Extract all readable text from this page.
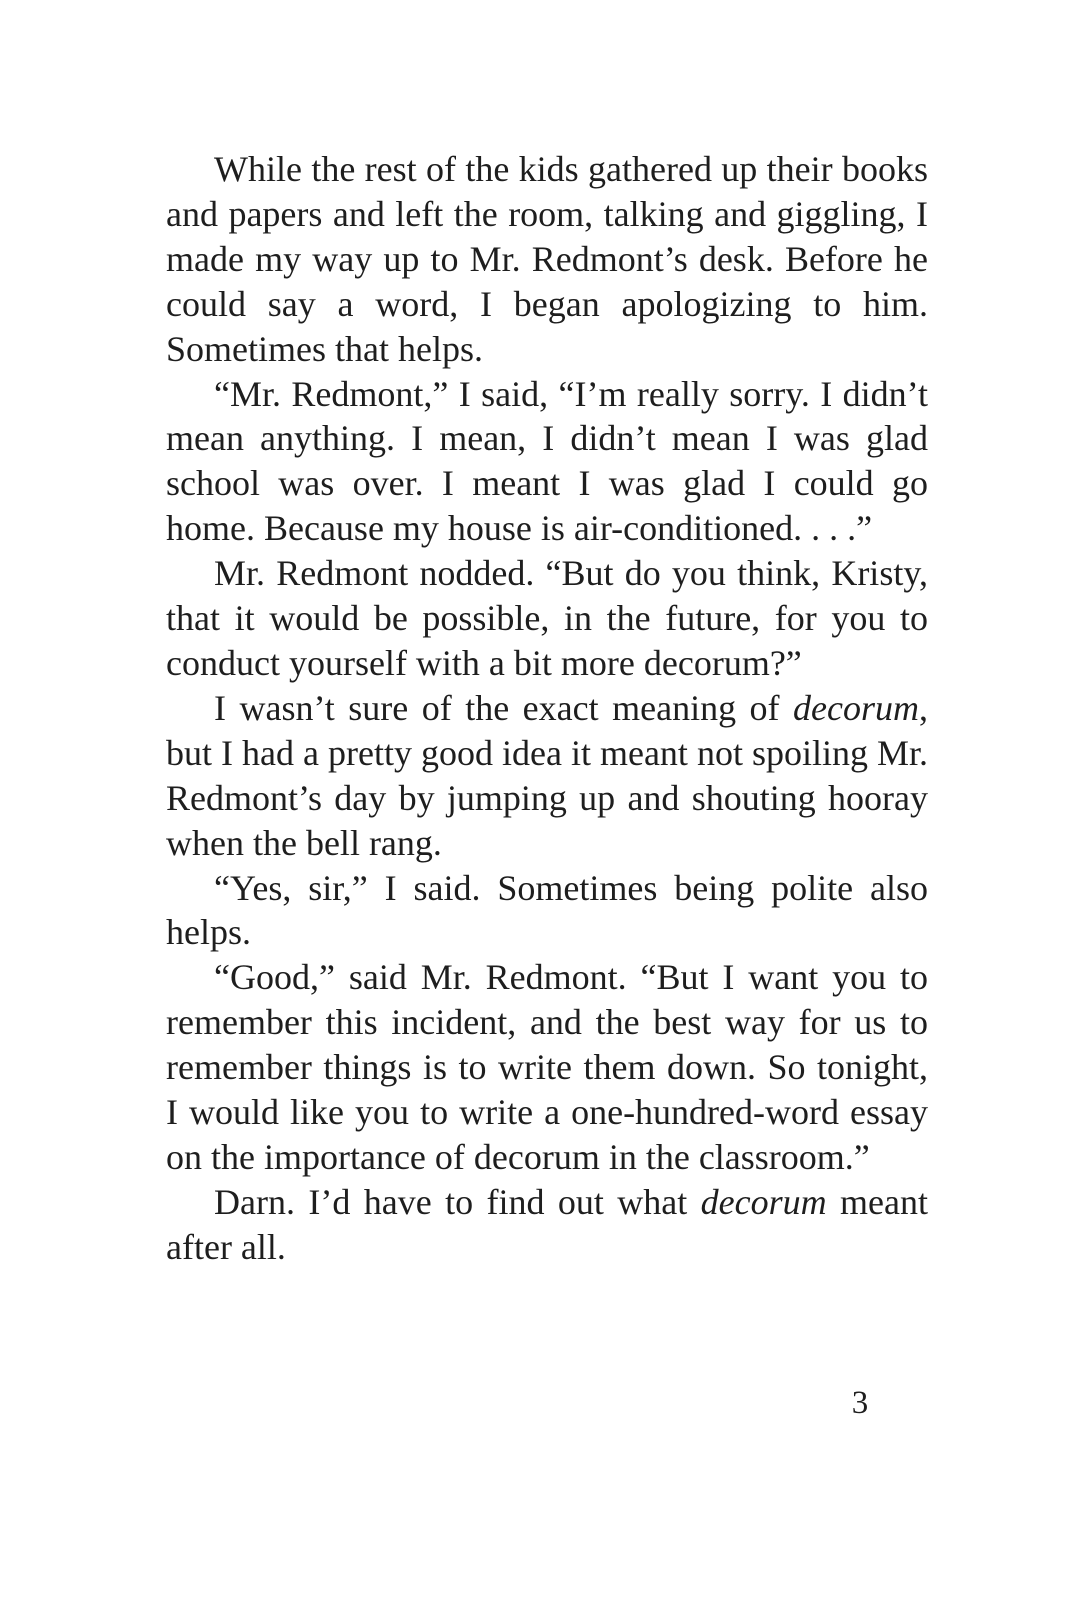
While the rest of the kids gathered up their books and papers and left the room, talking and giggling, I made my way up to Mr. Redmont’s desk. Before he could say a word, I began apologizing to him. Sometimes that helps.

“Mr. Redmont,” I said, “I’m really sorry. I didn’t mean anything. I mean, I didn’t mean I was glad school was over. I meant I was glad I could go home. Because my house is air-conditioned. . . .”

Mr. Redmont nodded. “But do you think, Kristy, that it would be possible, in the future, for you to conduct yourself with a bit more decorum?”

I wasn’t sure of the exact meaning of decorum, but I had a pretty good idea it meant not spoiling Mr. Redmont’s day by jumping up and shouting hooray when the bell rang.

“Yes, sir,” I said. Sometimes being polite also helps.

“Good,” said Mr. Redmont. “But I want you to remember this incident, and the best way for us to remember things is to write them down. So tonight, I would like you to write a one-hundred-word essay on the importance of decorum in the classroom.”

Darn. I’d have to find out what decorum meant after all.

3
